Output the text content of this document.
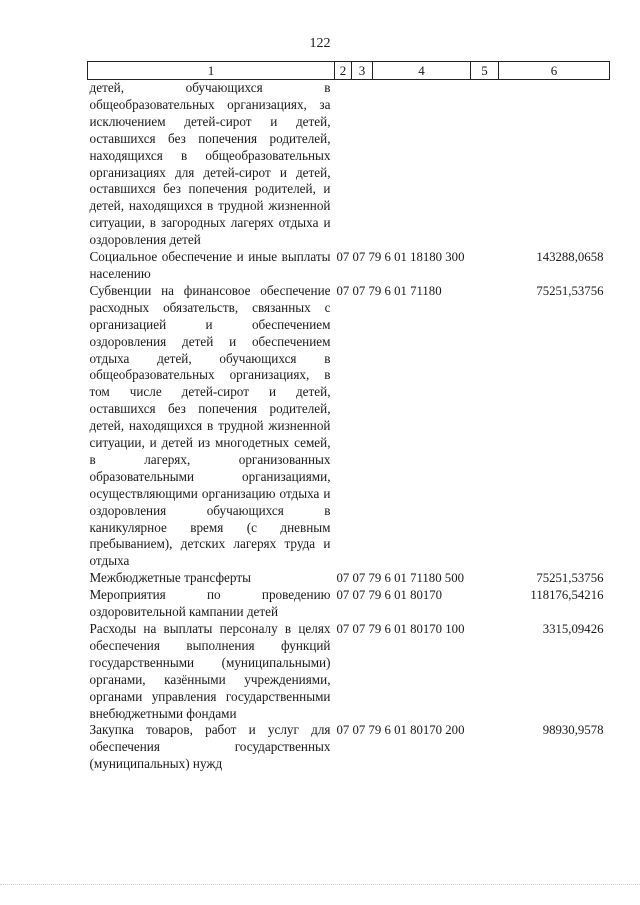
122
1	2	3	4	5	6
детей, обучающихся в общеобразовательных организациях, за исключением детей-сирот и детей, оставшихся без попечения родителей, находящихся в общеобразовательных организациях для детей-сирот и детей, оставшихся без попечения родителей, и детей, находящихся в трудной жизненной ситуации, в загородных лагерях отдыха и оздоровления детей					
Социальное обеспечение и иные выплаты населению	07 07 79 6 01 18180 300				143288,0658
Субвенции на финансовое обеспечение расходных обязательств, связанных с организацией и обеспечением оздоровления детей и обеспечением отдыха детей, обучающихся в общеобразовательных организациях, в том числе детей-сирот и детей, оставшихся без попечения родителей, детей, находящихся в трудной жизненной ситуации, и детей из многодетных семей, в лагерях, организованных образовательными организациями, осуществляющими организацию отдыха и оздоровления обучающихся в каникулярное время (с дневным пребыванием), детских лагерях труда и отдыха	07 07 79 6 01 71180				75251,53756
Межбюджетные трансферты	07 07 79 6 01 71180 500				75251,53756
Мероприятия по проведению оздоровительной кампании детей	07 07 79 6 01 80170				118176,54216
Расходы на выплаты персоналу в целях обеспечения выполнения функций государственными (муниципальными) органами, казёнными учреждениями, органами управления государственными внебюджетными фондами	07 07 79 6 01 80170 100				3315,09426
Закупка товаров, работ и услуг для обеспечения государственных (муниципальных) нужд	07 07 79 6 01 80170 200				98930,9578
